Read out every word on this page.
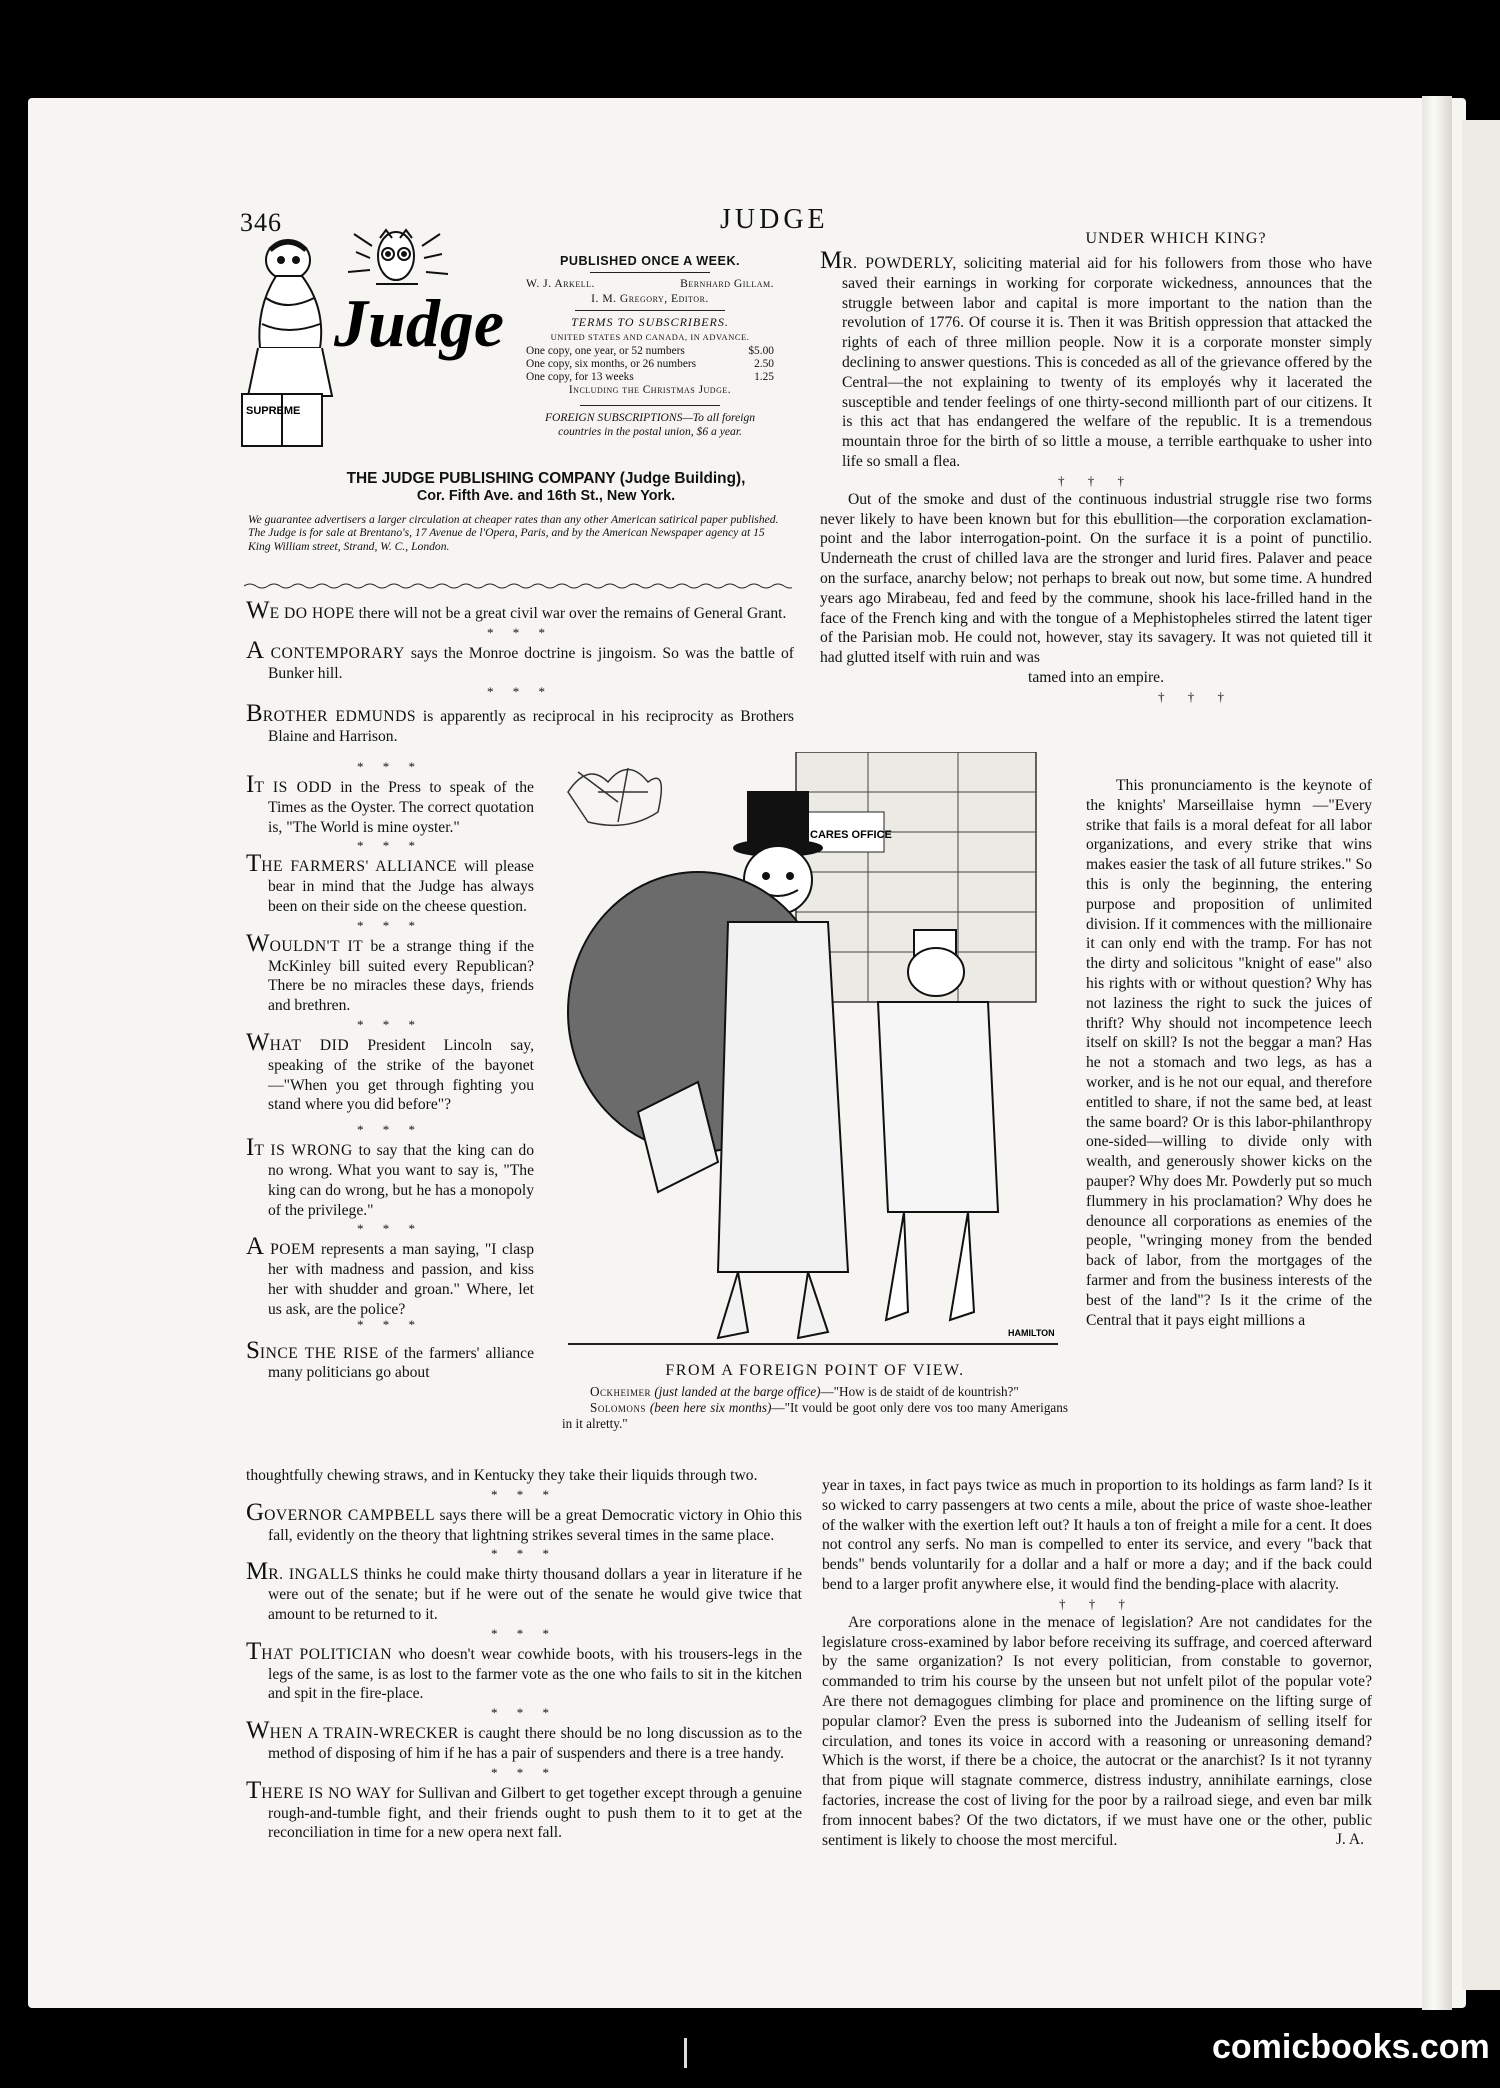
346	JUDGE
SUPREME
Judge

PUBLISHED ONCE A WEEK.

W. J. Arkell.	Bernhard Gillam.

I. M. Gregory, Editor.

TERMS TO SUBSCRIBERS.

UNITED STATES AND CANADA, IN ADVANCE.

One copy, one year, or 52 numbers	$5.00

One copy, six months, or 26 numbers	2.50

One copy, for 13 weeks	1.25

Including the Christmas Judge.

FOREIGN SUBSCRIPTIONS—To all foreign countries in the postal union, $6 a year.

THE JUDGE PUBLISHING COMPANY (Judge Building),

Cor. Fifth Ave. and 16th St., New York.

We guarantee advertisers a larger circulation at cheaper rates than any other American satirical paper published.
The Judge is for sale at Brentano's, 17 Avenue de l'Opera, Paris, and by the American Newspaper agency at 15 King William street, Strand, W. C., London.

WE DO HOPE there will not be a great civil war over the remains of General Grant.

* * *

A CONTEMPORARY says the Monroe doctrine is jingoism. So was the battle of Bunker hill.

* * *

BROTHER EDMUNDS is apparently as reciprocal in his reciprocity as Brothers Blaine and Harrison.

* * *

IT IS ODD in the Press to speak of the Times as the Oyster. The correct quotation is, "The World is mine oyster."

* * *

THE FARMERS' ALLIANCE will please bear in mind that the Judge has always been on their side on the cheese question.

* * *

WOULDN'T IT be a strange thing if the McKinley bill suited every Republican? There be no miracles these days, friends and brethren.

* * *

WHAT DID President Lincoln say, speaking of the strike of the bayonet—"When you get through fighting you stand where you did before"?

* * *

IT IS WRONG to say that the king can do no wrong. What you want to say is, "The king can do wrong, but he has a monopoly of the privilege."

* * *

A POEM represents a man saying, "I clasp her with madness and passion, and kiss her with shudder and groan." Where, let us ask, are the police?

* * *

SINCE THE RISE of the farmers' alliance many politicians go about

thoughtfully chewing straws, and in Kentucky they take their liquids through two.

* * *

GOVERNOR CAMPBELL says there will be a great Democratic victory in Ohio this fall, evidently on the theory that lightning strikes several times in the same place.

* * *

MR. INGALLS thinks he could make thirty thousand dollars a year in literature if he were out of the senate; but if he were out of the senate he would give twice that amount to be returned to it.

* * *

THAT POLITICIAN who doesn't wear cowhide boots, with his trousers-legs in the legs of the same, is as lost to the farmer vote as the one who fails to sit in the kitchen and spit in the fire-place.

* * *

WHEN A TRAIN-WRECKER is caught there should be no long discussion as to the method of disposing of him if he has a pair of suspenders and there is a tree handy.

* * *

THERE IS NO WAY for Sullivan and Gilbert to get together except through a genuine rough-and-tumble fight, and their friends ought to push them to it to get at the reconciliation in time for a new opera next fall.

UNDER WHICH KING?

MR. POWDERLY, soliciting material aid for his followers from those who have saved their earnings in working for corporate wickedness, announces that the struggle between labor and capital is more important to the nation than the revolution of 1776. Of course it is. Then it was British oppression that attacked the rights of each of three million people. Now it is a corporate monster simply declining to answer questions. This is conceded as all of the grievance offered by the Central—the not explaining to twenty of its employés why it lacerated the susceptible and tender feelings of one thirty-second millionth part of our citizens. It is this act that has endangered the welfare of the republic. It is a tremendous mountain throe for the birth of so little a mouse, a terrible earthquake to usher into life so small a flea.

† † †

Out of the smoke and dust of the continuous industrial struggle rise two forms never likely to have been known but for this ebullition—the corporation exclamation-point and the labor interrogation-point. On the surface it is a point of punctilio. Underneath the crust of chilled lava are the stronger and lurid fires. Palaver and peace on the surface, anarchy below; not perhaps to break out now, but some time. A hundred years ago Mirabeau, fed and feed by the commune, shook his lace-frilled hand in the face of the French king and with the tongue of a Mephistopheles stirred the latent tiger of the Parisian mob. He could not, however, stay its savagery. It was not quieted till it had glutted itself with ruin and was

tamed into an empire.

† † †

This pronunciamento is the keynote of the knights' Marseillaise hymn —"Every strike that fails is a moral defeat for all labor organizations, and every strike that wins makes easier the task of all future strikes." So this is only the beginning, the entering purpose and proposition of unlimited division. If it commences with the millionaire it can only end with the tramp. For has not the dirty and solicitous "knight of ease" also his rights with or without question? Why has not laziness the right to suck the juices of thrift? Why should not incompetence leech itself on skill? Is not the beggar a man? Has he not a stomach and two legs, as has a worker, and is he not our equal, and therefore entitled to share, if not the same bed, at least the same board? Or is this labor-philanthropy one-sided—willing to divide only with wealth, and generously shower kicks on the pauper? Why does Mr. Powderly put so much flummery in his proclamation? Why does he denounce all corporations as enemies of the people, "wringing money from the bended back of labor, from the mortgages of the farmer and from the business interests of the best of the land"? Is it the crime of the Central that it pays eight millions a

year in taxes, in fact pays twice as much in proportion to its holdings as farm land? Is it so wicked to carry passengers at two cents a mile, about the price of waste shoe-leather of the walker with the exertion left out? It hauls a ton of freight a mile for a cent. It does not control any serfs. No man is compelled to enter its service, and every "back that bends" bends voluntarily for a dollar and a half or more a day; and if the back could bend to a larger profit anywhere else, it would find the bending-place with alacrity.

† † †

Are corporations alone in the menace of legislation? Are not candidates for the legislature cross-examined by labor before receiving its suffrage, and coerced afterward by the same organization? Is not every politician, from constable to governor, commanded to trim his course by the unseen but not unfelt pilot of the popular vote? Are there not demagogues climbing for place and prominence on the lifting surge of popular clamor? Even the press is suborned into the Judeanism of selling itself for circulation, and tones its voice in accord with a reasoning or unreasoning demand? Which is the worst, if there be a choice, the autocrat or the anarchist? Is it not tyranny that from pique will stagnate commerce, distress industry, annihilate earnings, close factories, increase the cost of living for the poor by a railroad siege, and even bar milk from innocent babes? Of the two dictators, if we must have one or the other, public sentiment is likely to choose the most merciful.	J. A.

CARES OFFICE
HAMILTON

FROM A FOREIGN POINT OF VIEW.

Ockheimer (just landed at the barge office)—"How is de staidt of de kountrish?"

Solomons (been here six months)—"It vould be goot only dere vos too many Amerigans in it alretty."

comicbooks.com
